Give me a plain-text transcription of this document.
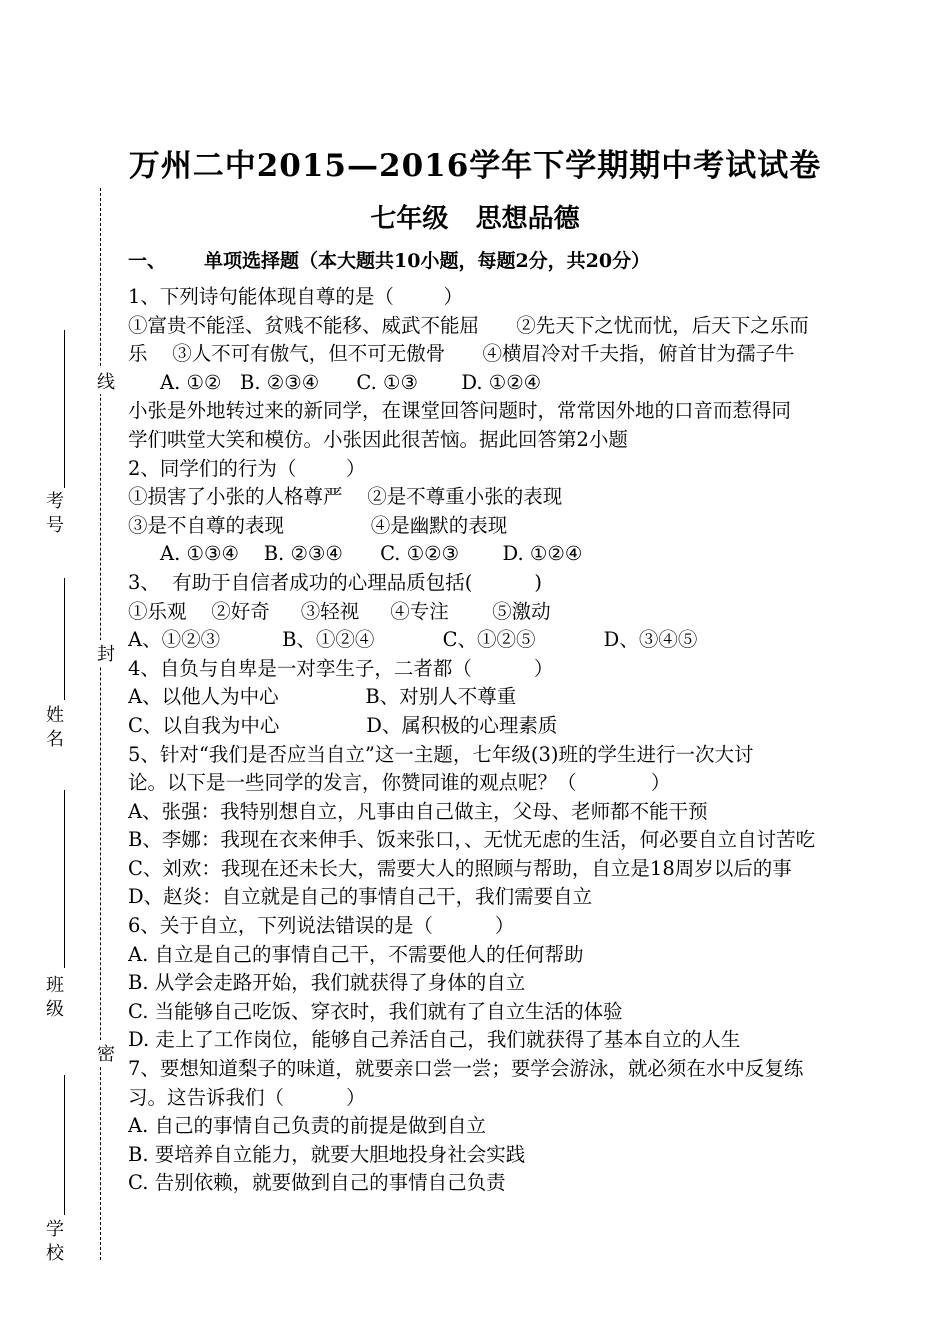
万州二中2015—2016学年下学期期中考试试卷
七年级   思想品德
一、 单项选择题（本大题共10小题，每题2分，共20分）
1、下列诗句能体现自尊的是（        ）
①富贵不能淫、贫贱不能移、威武不能屈      ②先天下之忧而忧，后天下之乐而
乐    ③人不可有傲气，但不可无傲骨      ④横眉冷对千夫指，俯首甘为孺子牛
A. ①②   B. ②③④      C. ①③       D. ①②④
小张是外地转过来的新同学，在课堂回答问题时，常常因外地的口音而惹得同
学们哄堂大笑和模仿。小张因此很苦恼。据此回答第2小题
2、同学们的行为（        ）
①损害了小张的人格尊严    ②是不尊重小张的表现
③是不自尊的表现              ④是幽默的表现
A. ①③④    B. ②③④      C. ①②③       D. ①②④
3、  有助于自信者成功的心理品质包括(          )
①乐观    ②好奇     ③轻视     ④专注       ⑤激动
A、①②③          B、①②④           C、①②⑤           D、③④⑤
4、自负与自卑是一对孪生子，二者都（          ）
A、以他人为中心              B、对别人不尊重
C、以自我为中心              D、属积极的心理素质
5、针对“我们是否应当自立”这一主题，七年级(3)班的学生进行一次大讨
论。以下是一些同学的发言，你赞同谁的观点呢？（            ）
A、张强：我特别想自立，凡事由自己做主，父母、老师都不能干预
B、李娜：我现在衣来伸手、饭来张口，、无忧无虑的生活，何必要自立自讨苦吃
C、刘欢：我现在还未长大，需要大人的照顾与帮助，自立是18周岁以后的事
D、赵炎：自立就是自己的事情自己干，我们需要自立
6、关于自立，下列说法错误的是（          ）
A. 自立是自己的事情自己干，不需要他人的任何帮助
B. 从学会走路开始，我们就获得了身体的自立
C. 当能够自己吃饭、穿衣时，我们就有了自立生活的体验
D. 走上了工作岗位，能够自己养活自己，我们就获得了基本自立的人生
7、要想知道梨子的味道，就要亲口尝一尝；要学会游泳，就必须在水中反复练
习。这告诉我们（          ）
A. 自己的事情自己负责的前提是做到自立
B. 要培养自立能力，就要大胆地投身社会实践
C. 告别依赖，就要做到自己的事情自己负责
线
封
密
考号
姓名
班级
学校
